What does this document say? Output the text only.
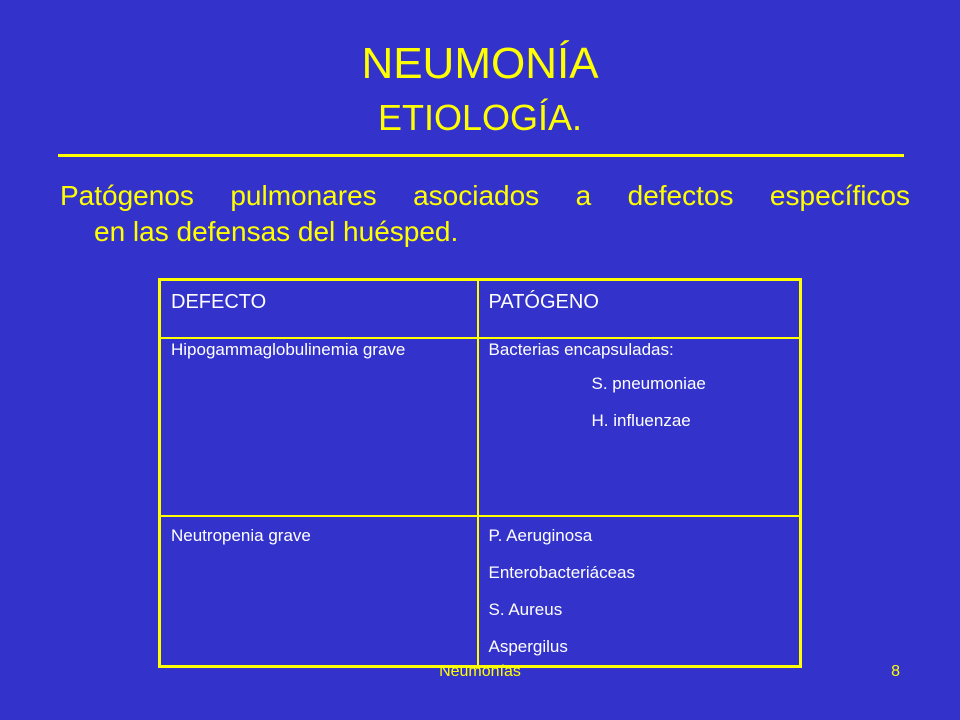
NEUMONÍA
ETIOLOGÍA.

Patógenos pulmonares asociados a defectos específicos
en las defensas del huésped.

DEFECTO	PATÓGENO
Hipogammaglobulinemia grave	Bacterias encapsuladas:
S. pneumoniae
H. influenzae

Neutropenia grave	P. Aeruginosa
Enterobacteriáceas
S. Aureus
Aspergilus
Neumonías	8
